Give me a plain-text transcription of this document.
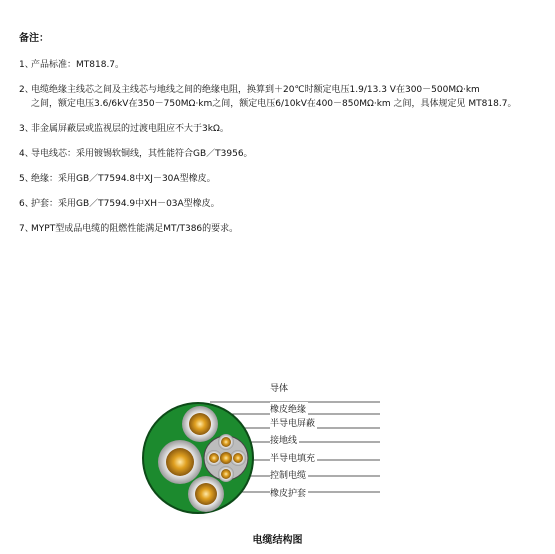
备注：
1、产品标准：MT818.7。
2、电缆绝缘主线芯之间及主线芯与地线之间的绝缘电阻，换算到＋20℃时额定电压1.9/13.3 V在300－500MΩ·km
之间，额定电压3.6/6kV在350－750MΩ·km之间，额定电压6/10kV在400－850MΩ·km 之间，具体规定见 MT818.7。
3、非金属屏蔽层或监视层的过渡电阻应不大于3kΩ。
4、导电线芯：采用镀锡软铜线，其性能符合GB／T3956。
5、绝缘：采用GB／T7594.8中XJ－30A型橡皮。
6、护套：采用GB／T7594.9中XH－03A型橡皮。
7、MYPT型成品电缆的阻燃性能满足MT/T386的要求。
导体
橡皮绝缘
半导电屏蔽
接地线
半导电填充
控制电缆
橡皮护套
电缆结构图
